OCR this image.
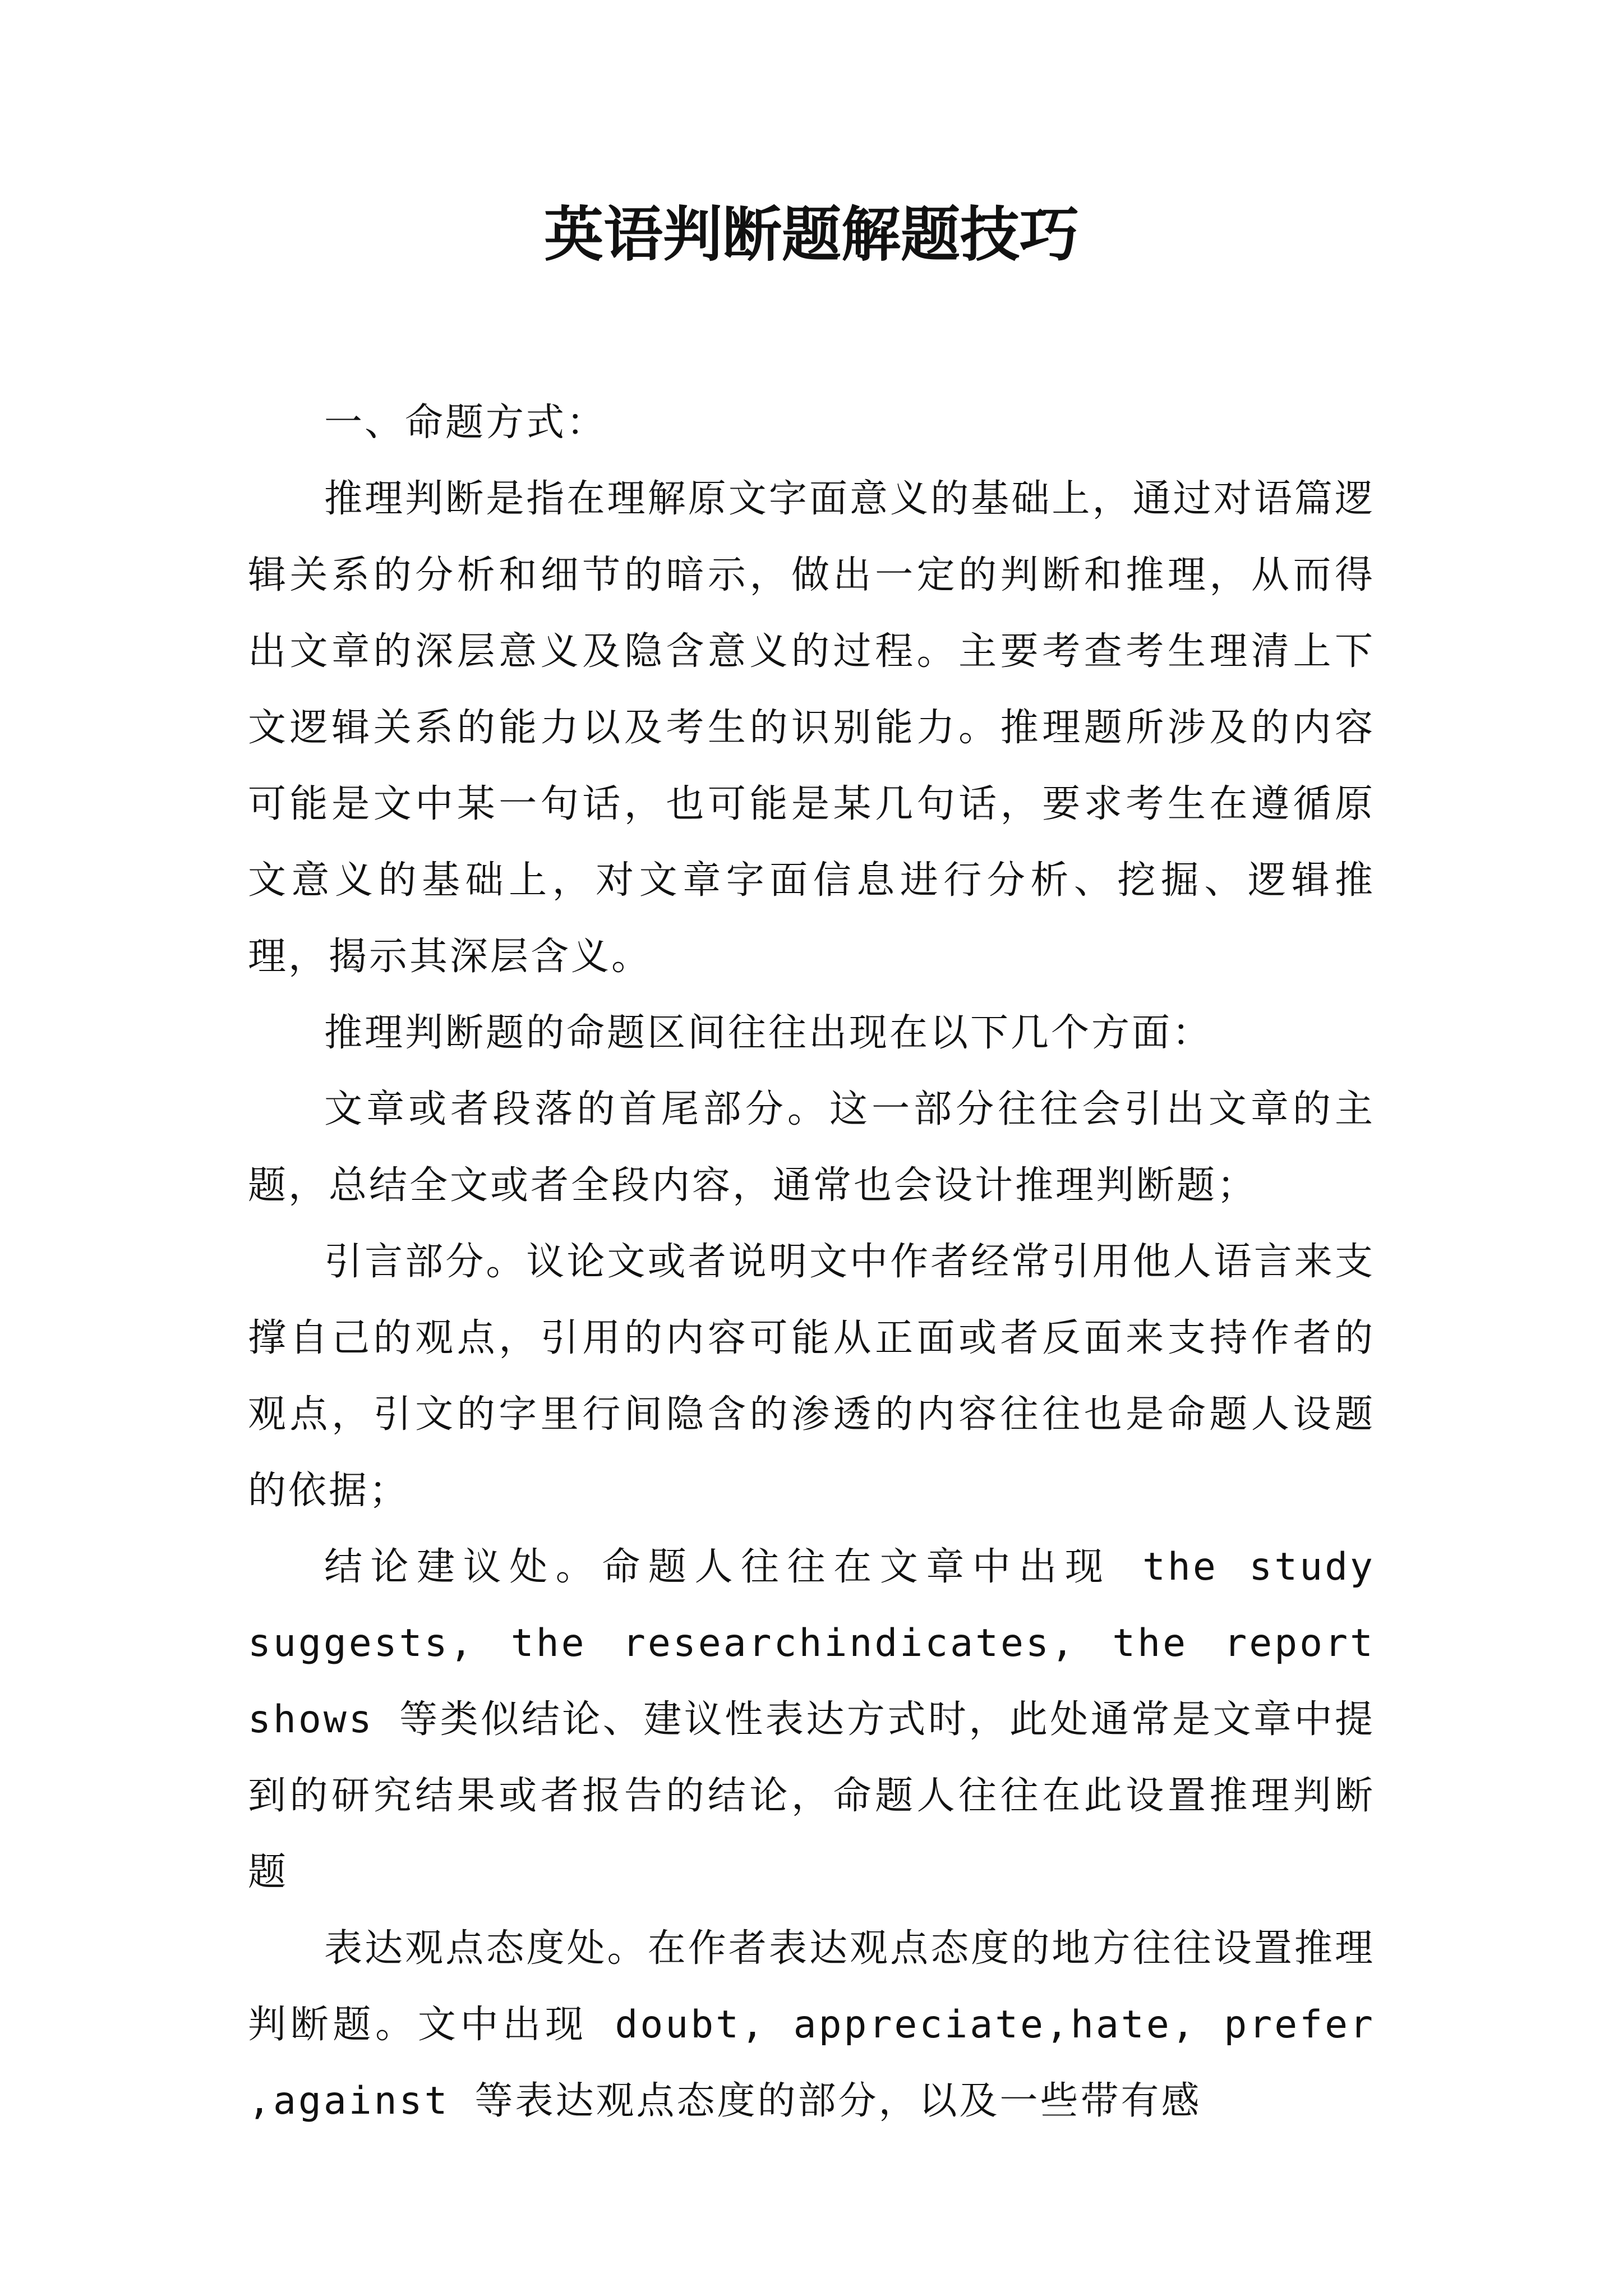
英语判断题解题技巧

一、命题方式：

推理判断是指在理解原文字面意义的基础上，通过对语篇逻辑关系的分析和细节的暗示，做出一定的判断和推理，从而得出文章的深层意义及隐含意义的过程。主要考查考生理清上下文逻辑关系的能力以及考生的识别能力。推理题所涉及的内容可能是文中某一句话，也可能是某几句话，要求考生在遵循原文意义的基础上，对文章字面信息进行分析、挖掘、逻辑推理，揭示其深层含义。

推理判断题的命题区间往往出现在以下几个方面：

文章或者段落的首尾部分。这一部分往往会引出文章的主题，总结全文或者全段内容，通常也会设计推理判断题；

引言部分。议论文或者说明文中作者经常引用他人语言来支撑自己的观点，引用的内容可能从正面或者反面来支持作者的观点，引文的字里行间隐含的渗透的内容往往也是命题人设题的依据；

结论建议处。命题人往往在文章中出现 the study suggests, the researchindicates, the report shows 等类似结论、建议性表达方式时，此处通常是文章中提到的研究结果或者报告的结论，命题人往往在此设置推理判断题

表达观点态度处。在作者表达观点态度的地方往往设置推理判断题。文中出现 doubt, appreciate,hate, prefer ,against 等表达观点态度的部分，以及一些带有感
